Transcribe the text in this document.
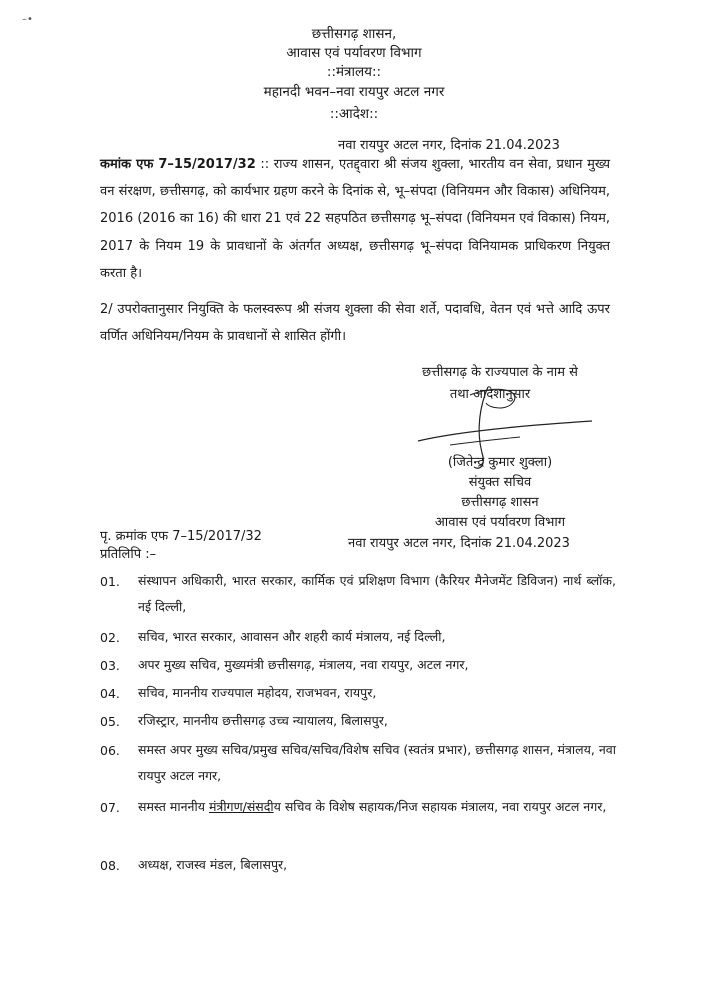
–•
छत्तीसगढ़ शासन,
आवास एवं पर्यावरण विभाग
::मंत्रालय::
महानदी भवन–नवा रायपुर अटल नगर
::आदेश::
नवा रायपुर अटल नगर, दिनांक 21.04.2023
कमांक एफ 7–15/2017/32 :: राज्य शासन, एतद्द्वारा श्री संजय शुक्ला, भारतीय वन सेवा, प्रधान मुख्य वन संरक्षण, छत्तीसगढ़, को कार्यभार ग्रहण करने के दिनांक से, भू–संपदा (विनियमन और विकास) अधिनियम, 2016 (2016 का 16) की धारा 21 एवं 22 सहपठित छत्तीसगढ़ भू–संपदा (विनियमन एवं विकास) नियम, 2017 के नियम 19 के प्रावधानों के अंतर्गत अध्यक्ष, छत्तीसगढ़ भू–संपदा विनियामक प्राधिकरण नियुक्त करता है।
2/ उपरोक्तानुसार नियुक्ति के फलस्वरूप श्री संजय शुक्ला की सेवा शर्ते, पदावधि, वेतन एवं भत्ते आदि ऊपर वर्णित अधिनियम/नियम के प्रावधानों से शासित होंगी।
छत्तीसगढ़ के राज्यपाल के नाम से
तथा आदेशानुसार
(जितेन्द्र कुमार शुक्ला)
संयुक्त सचिव
छत्तीसगढ़ शासन
आवास एवं पर्यावरण विभाग
पृ. क्रमांक एफ 7–15/2017/32	नवा रायपुर अटल नगर, दिनांक 21.04.2023
प्रतिलिपि :–
01. संस्थापन अधिकारी, भारत सरकार, कार्मिक एवं प्रशिक्षण विभाग (कैरियर मैनेजमेंट डिविजन) नार्थ ब्लॉक, नई दिल्ली,
02. सचिव, भारत सरकार, आवासन और शहरी कार्य मंत्रालय, नई दिल्ली,
03. अपर मुख्य सचिव, मुख्यमंत्री छत्तीसगढ़, मंत्रालय, नवा रायपुर, अटल नगर,
04. सचिव, माननीय राज्यपाल महोदय, राजभवन, रायपुर,
05. रजिस्ट्रार, माननीय छत्तीसगढ़ उच्च न्यायालय, बिलासपुर,
06. समस्त अपर मुख्य सचिव/प्रमुख सचिव/सचिव/विशेष सचिव (स्वतंत्र प्रभार), छत्तीसगढ़ शासन, मंत्रालय, नवा रायपुर अटल नगर,
07. समस्त माननीय मंत्रीगण/संसदीय सचिव के विशेष सहायक/निज सहायक मंत्रालय, नवा रायपुर अटल नगर,
08. अध्यक्ष, राजस्व मंडल, बिलासपुर,
